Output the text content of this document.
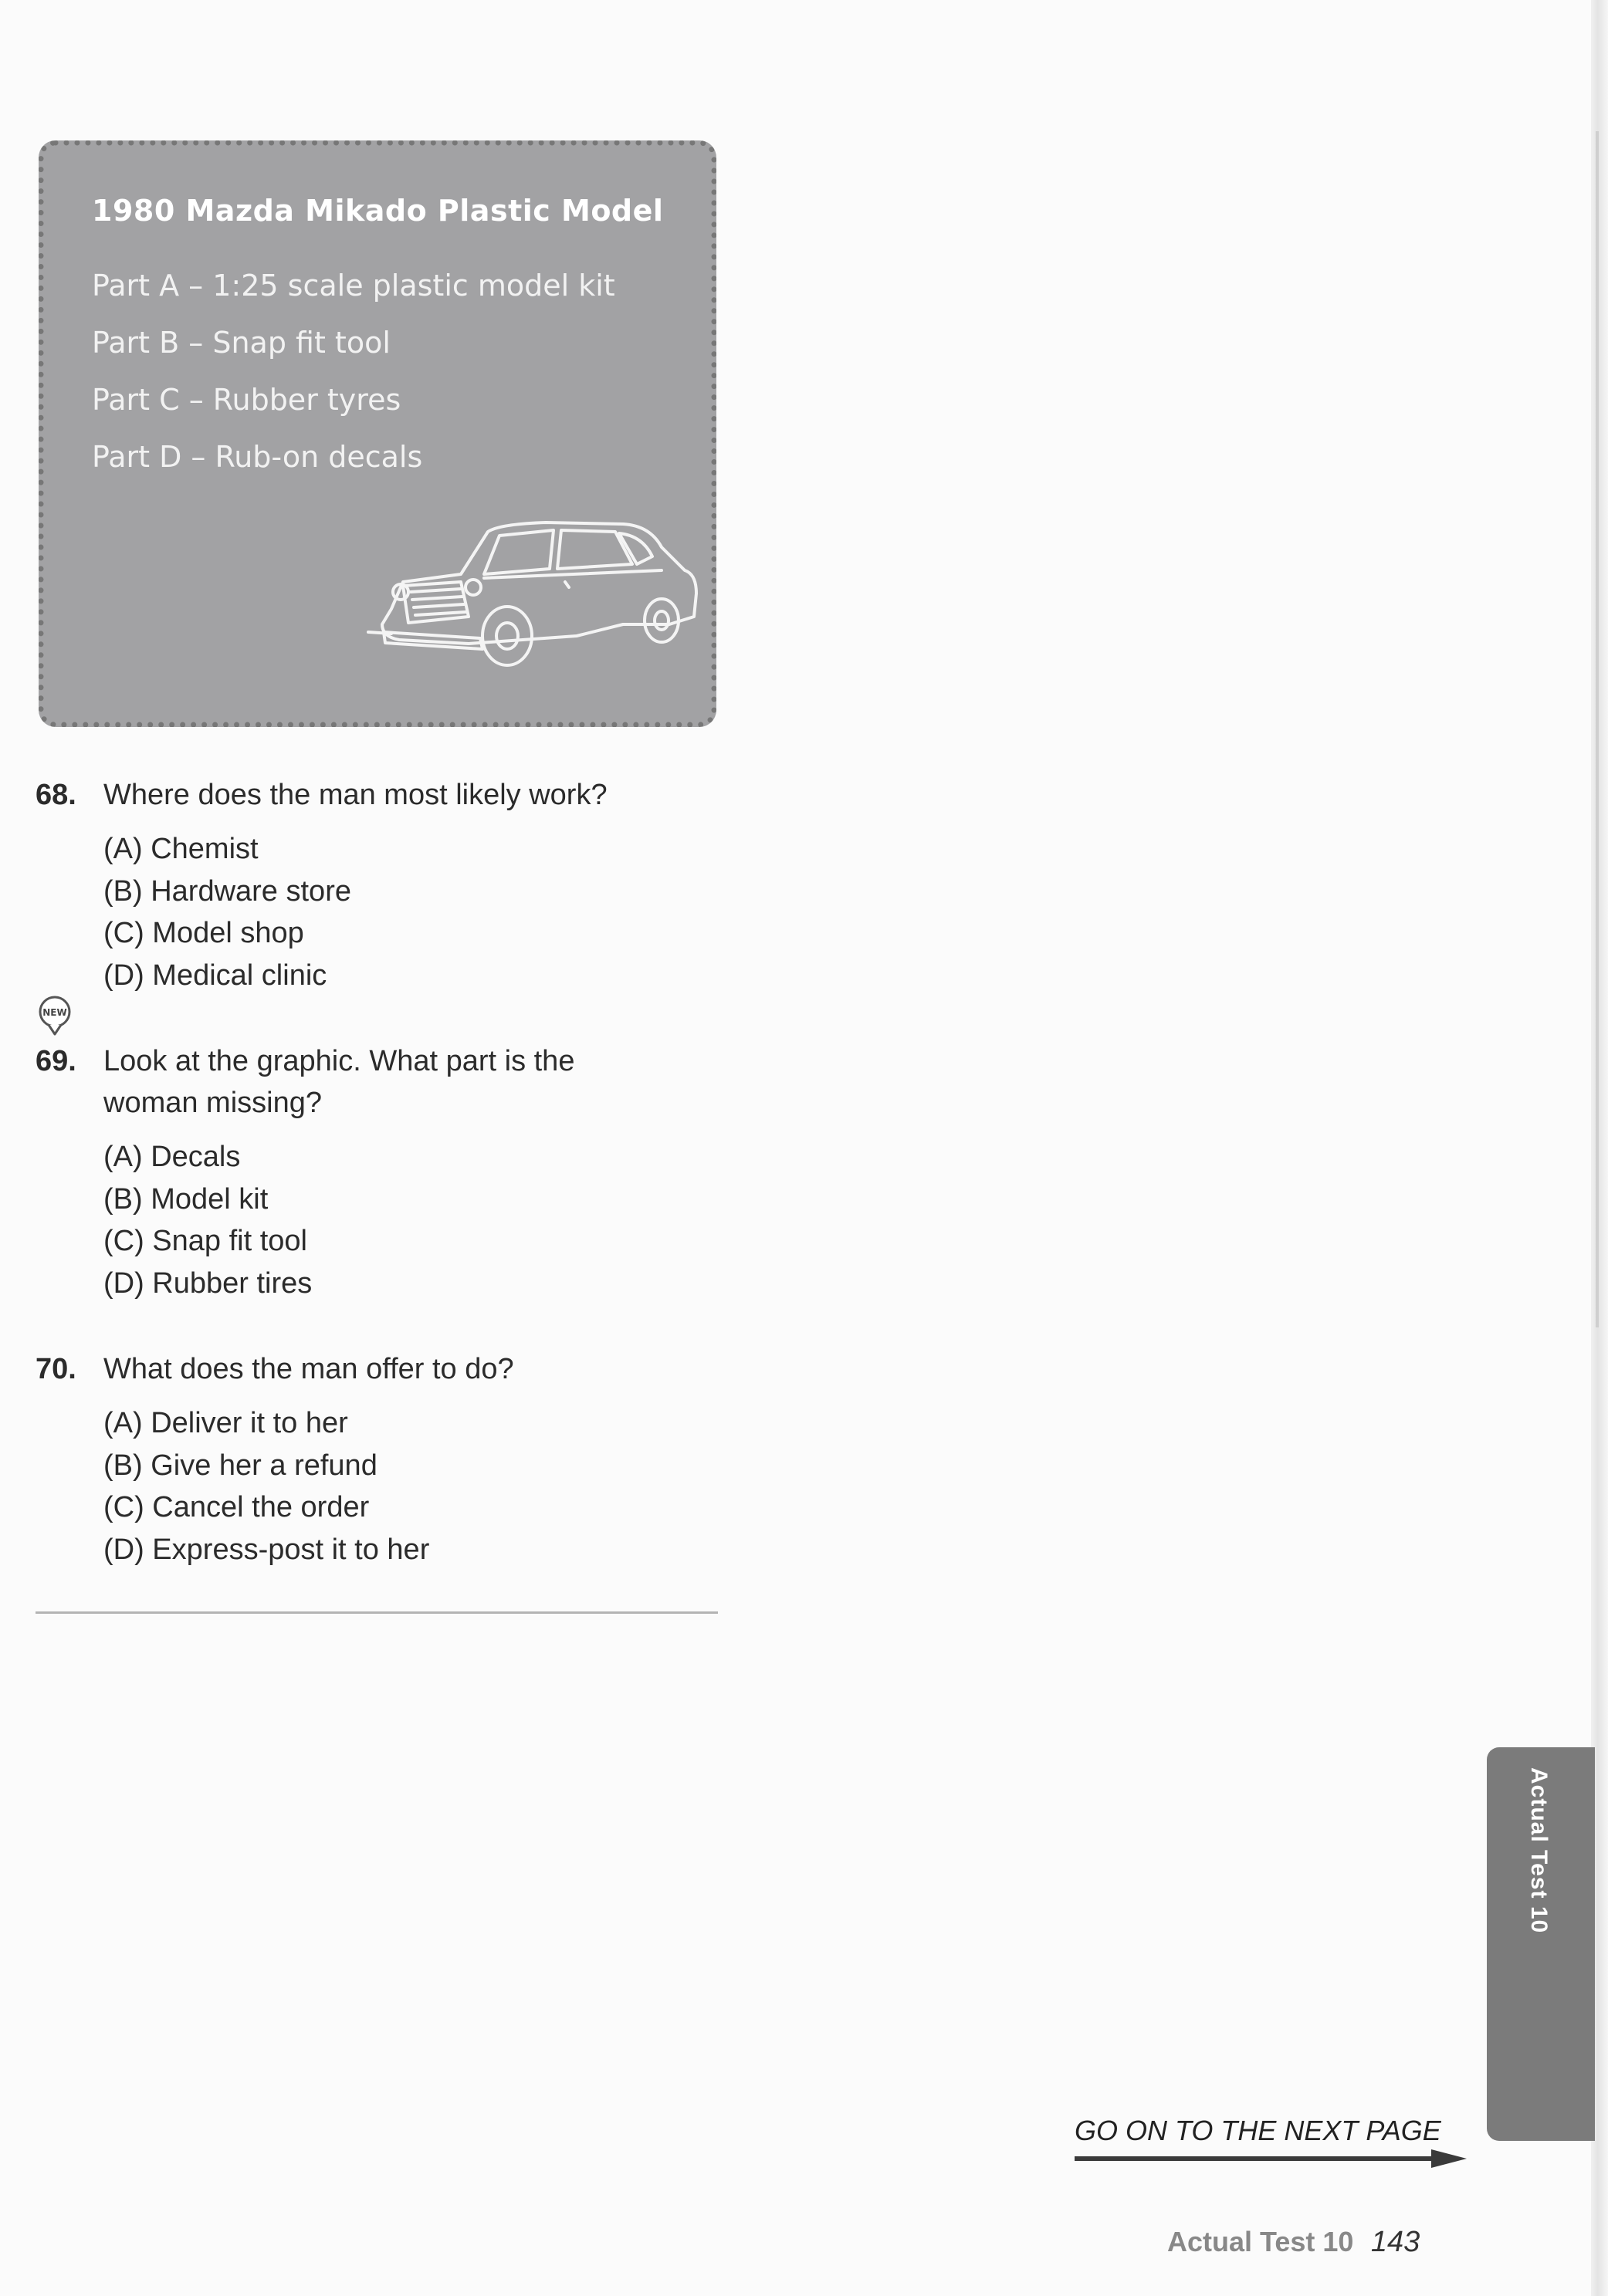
1980 Mazda Mikado Plastic Model
Part A – 1:25 scale plastic model kit
Part B – Snap fit tool
Part C – Rubber tyres
Part D – Rub-on decals
68. Where does the man most likely work?
(A) Chemist
(B) Hardware store
(C) Model shop
(D) Medical clinic
NEW
69. Look at the graphic. What part is the woman missing?
(A) Decals
(B) Model kit
(C) Snap fit tool
(D) Rubber tires
70. What does the man offer to do?
(A) Deliver it to her
(B) Give her a refund
(C) Cancel the order
(D) Express-post it to her
Actual Test 10
GO ON TO THE NEXT PAGE
Actual Test 10 143
